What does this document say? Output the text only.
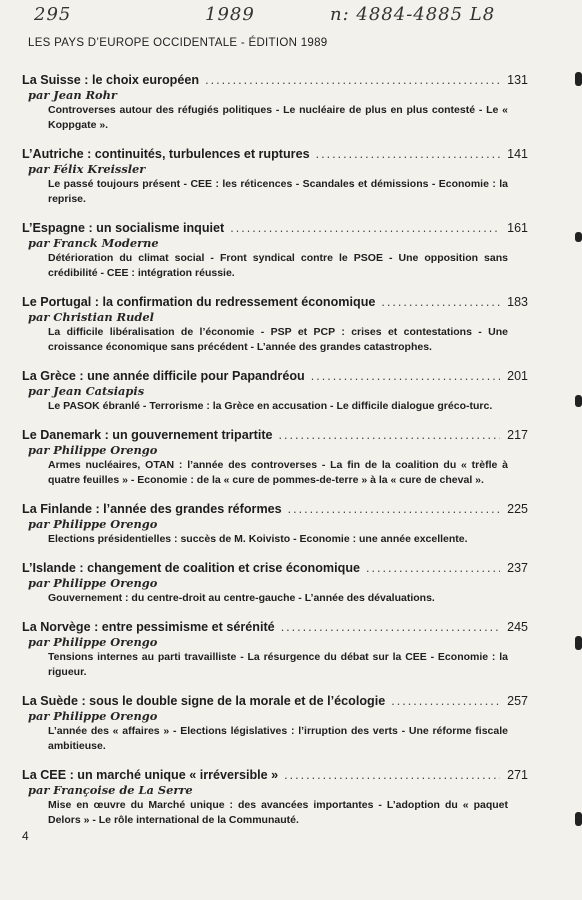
295	1989	n: 4884-4885 L8
LES PAYS D’EUROPE OCCIDENTALE - ÉDITION 1989
La Suisse : le choix européen .....	131
par Jean Rohr
Controverses autour des réfugiés politiques - Le nucléaire de plus en plus contesté - Le « Koppgate ».
L’Autriche : continuités, turbulences et ruptures .....	141
par Félix Kreissler
Le passé toujours présent - CEE : les réticences - Scandales et démissions - Economie : la reprise.
L’Espagne : un socialisme inquiet .....	161
par Franck Moderne
Détérioration du climat social - Front syndical contre le PSOE - Une opposition sans crédibilité - CEE : intégration réussie.
Le Portugal : la confirmation du redressement économique .....	183
par Christian Rudel
La difficile libéralisation de l’économie - PSP et PCP : crises et contestations - Une croissance économique sans précédent - L’année des grandes catastrophes.
La Grèce : une année difficile pour Papandréou .....	201
par Jean Catsiapis
Le PASOK ébranlé - Terrorisme : la Grèce en accusation - Le difficile dialogue gréco-turc.
Le Danemark : un gouvernement tripartite .....	217
par Philippe Orengo
Armes nucléaires, OTAN : l’année des controverses - La fin de la coalition du « trèfle à quatre feuilles » - Economie : de la « cure de pommes-de-terre » à la « cure de cheval ».
La Finlande : l’année des grandes réformes .....	225
par Philippe Orengo
Elections présidentielles : succès de M. Koivisto - Economie : une année excellente.
L’Islande : changement de coalition et crise économique .....	237
par Philippe Orengo
Gouvernement : du centre-droit au centre-gauche - L’année des dévaluations.
La Norvège : entre pessimisme et sérénité .....	245
par Philippe Orengo
Tensions internes au parti travailliste - La résurgence du débat sur la CEE - Economie : la rigueur.
La Suède : sous le double signe de la morale et de l’écologie .....	257
par Philippe Orengo
L’année des « affaires » - Elections législatives : l’irruption des verts - Une réforme fiscale ambitieuse.
La CEE : un marché unique « irréversible » .....	271
par Françoise de La Serre
Mise en œuvre du Marché unique : des avancées importantes - L’adoption du « paquet Delors » - Le rôle international de la Communauté.
4
